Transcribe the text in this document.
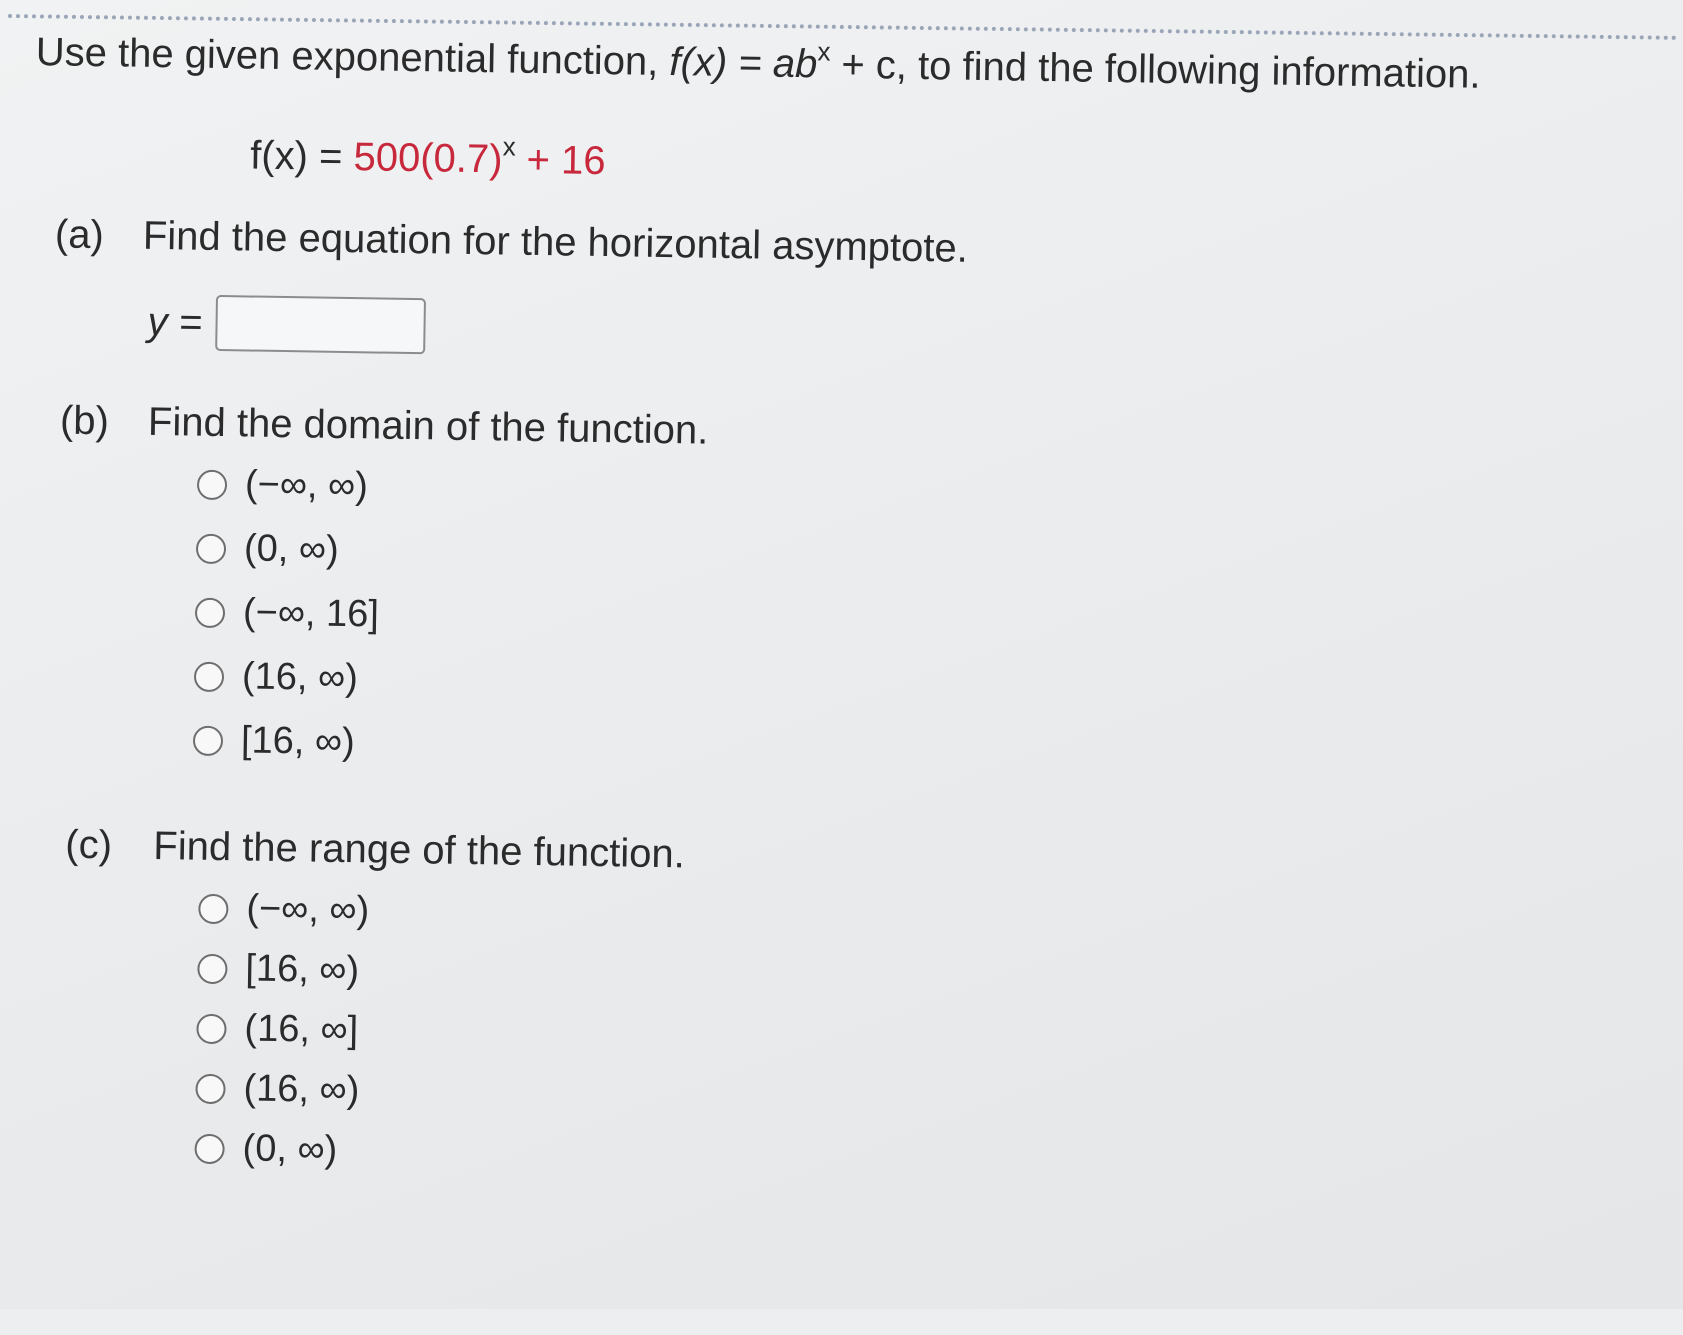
Use the given exponential function, $f(x) = ab^x + c$, to find the following information.
$f(x) = 500(0.7)^x + 16$
(a) Find the equation for the horizontal asymptote.
y =
(b) Find the domain of the function.
(−∞, ∞)
(0, ∞)
(−∞, 16]
(16, ∞)
[16, ∞)
(c) Find the range of the function.
(−∞, ∞)
[16, ∞)
(16, ∞]
(16, ∞)
(0, ∞)
